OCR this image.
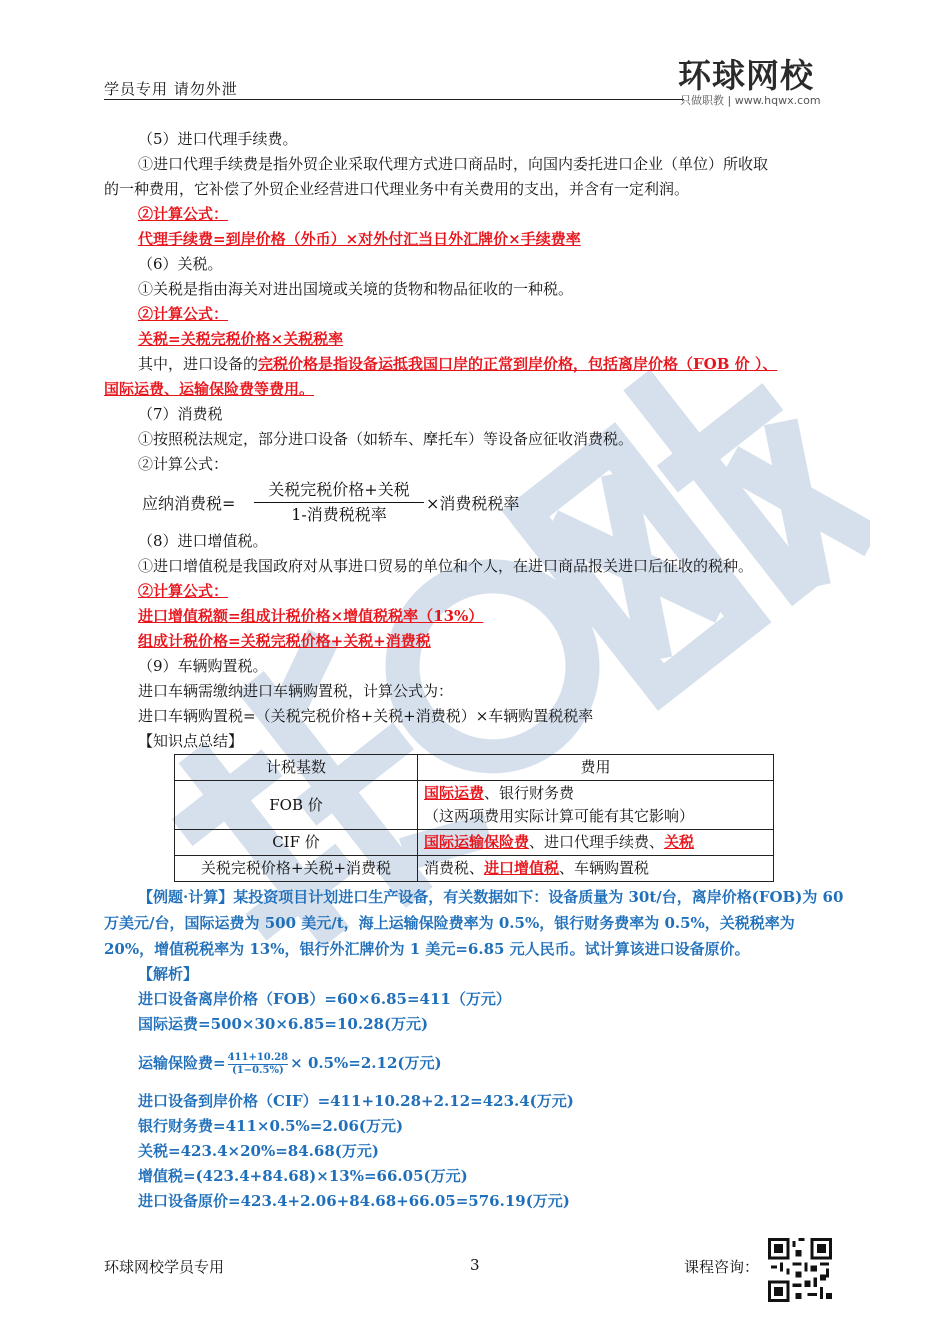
学员专用 请勿外泄	环球网校
只做职教 | www.hqwx.com
（5）进口代理手续费。
①进口代理手续费是指外贸企业采取代理方式进口商品时，向国内委托进口企业（单位）所收取
的一种费用，它补偿了外贸企业经营进口代理业务中有关费用的支出，并含有一定利润。
②计算公式：
代理手续费=到岸价格（外币）×对外付汇当日外汇牌价×手续费率
（6）关税。
①关税是指由海关对进出国境或关境的货物和物品征收的一种税。
②计算公式：
关税=关税完税价格×关税税率
其中，进口设备的完税价格是指设备运抵我国口岸的正常到岸价格，包括离岸价格（FOB 价 ）、
国际运费、运输保险费等费用。
（7）消费税
①按照税法规定，部分进口设备（如轿车、摩托车）等设备应征收消费税。
②计算公式：
应纳消费税=
关税完税价格+关税
1-消费税税率
×消费税税率
（8）进口增值税。
①进口增值税是我国政府对从事进口贸易的单位和个人，在进口商品报关进口后征收的税种。
②计算公式：
进口增值税额=组成计税价格×增值税税率（13%）
组成计税价格=关税完税价格+关税+消费税
（9）车辆购置税。
进口车辆需缴纳进口车辆购置税，计算公式为：
进口车辆购置税=（关税完税价格+关税+消费税）×车辆购置税税率
【知识点总结】
计税基数	费用
FOB 价	国际运费、银行财务费
（这两项费用实际计算可能有其它影响）
CIF 价	国际运输保险费、进口代理手续费、关税
关税完税价格+关税+消费税	消费税、进口增值税、车辆购置税
【例题·计算】某投资项目计划进口生产设备，有关数据如下：设备质量为 30t/台，离岸价格(FOB)为 60 万美元/台，国际运费为 500 美元/t，海上运输保险费率为 0.5%，银行财务费率为 0.5%，关税税率为 20%，增值税税率为 13%，银行外汇牌价为 1 美元=6.85 元人民币。试计算该进口设备原价。
【解析】
进口设备离岸价格（FOB）=60×6.85=411（万元）
国际运费=500×30×6.85=10.28(万元)
运输保险费= $\frac{411+10.28}{(1-0.5\%)} \times 0.5\%=2.12$(万元)
进口设备到岸价格（CIF）=411+10.28+2.12=423.4(万元)
银行财务费=411×0.5%=2.06(万元)
关税=423.4×20%=84.68(万元)
增值税=(423.4+84.68)×13%=66.05(万元)
进口设备原价=423.4+2.06+84.68+66.05=576.19(万元)
环球网校学员专用	3	课程咨询：
